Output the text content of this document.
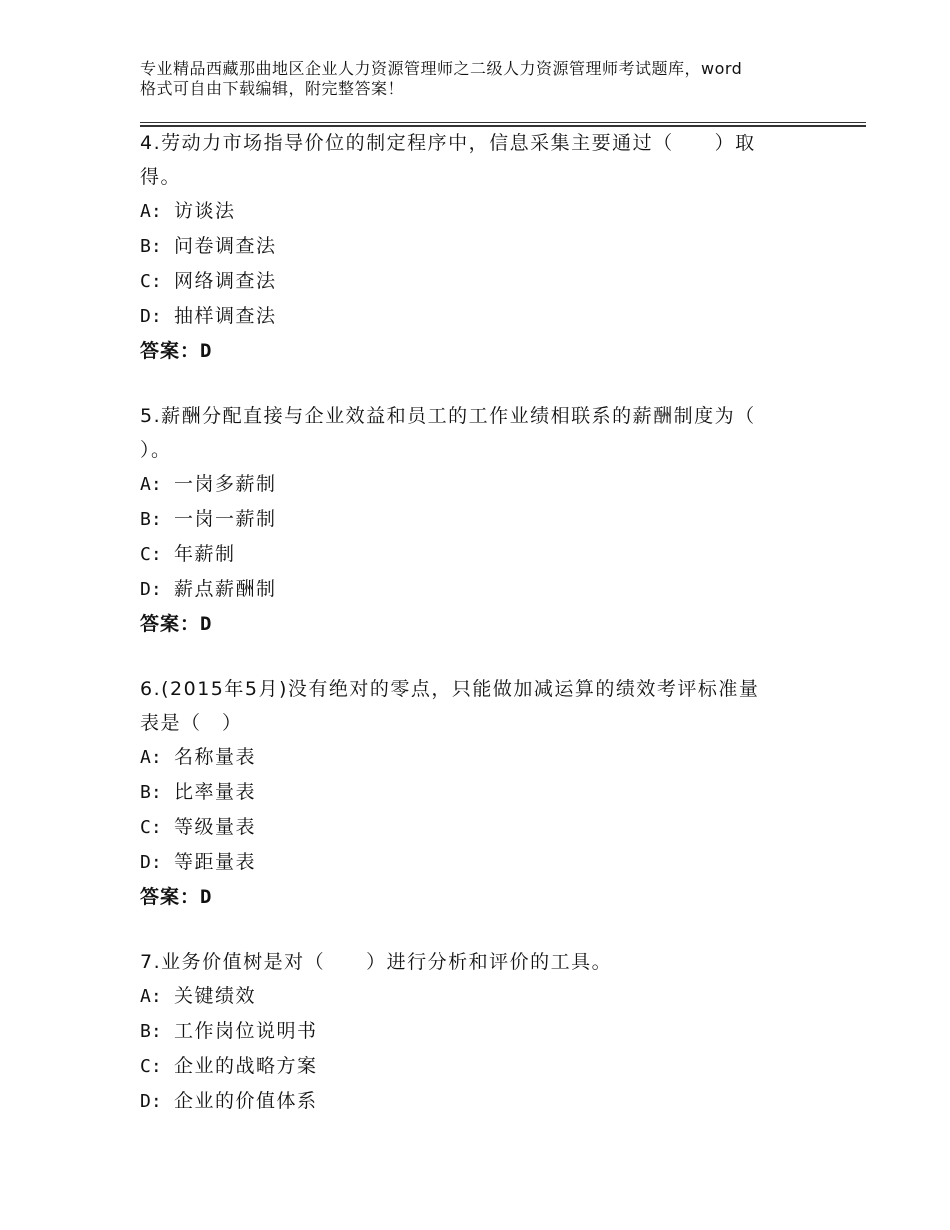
专业精品西藏那曲地区企业人力资源管理师之二级人力资源管理师考试题库，word
格式可自由下载编辑，附完整答案！

4.劳动力市场指导价位的制定程序中，信息采集主要通过（　　）取
得。

A: 访谈法

B: 问卷调查法

C: 网络调查法

D: 抽样调查法

答案：D

5.薪酬分配直接与企业效益和员工的工作业绩相联系的薪酬制度为（
）。

A: 一岗多薪制

B: 一岗一薪制

C: 年薪制

D: 薪点薪酬制

答案：D

6.(2015年5月)没有绝对的零点，只能做加减运算的绩效考评标准量
表是（　）

A: 名称量表

B: 比率量表

C: 等级量表

D: 等距量表

答案：D

7.业务价值树是对（　　）进行分析和评价的工具。

A: 关键绩效

B: 工作岗位说明书

C: 企业的战略方案

D: 企业的价值体系
